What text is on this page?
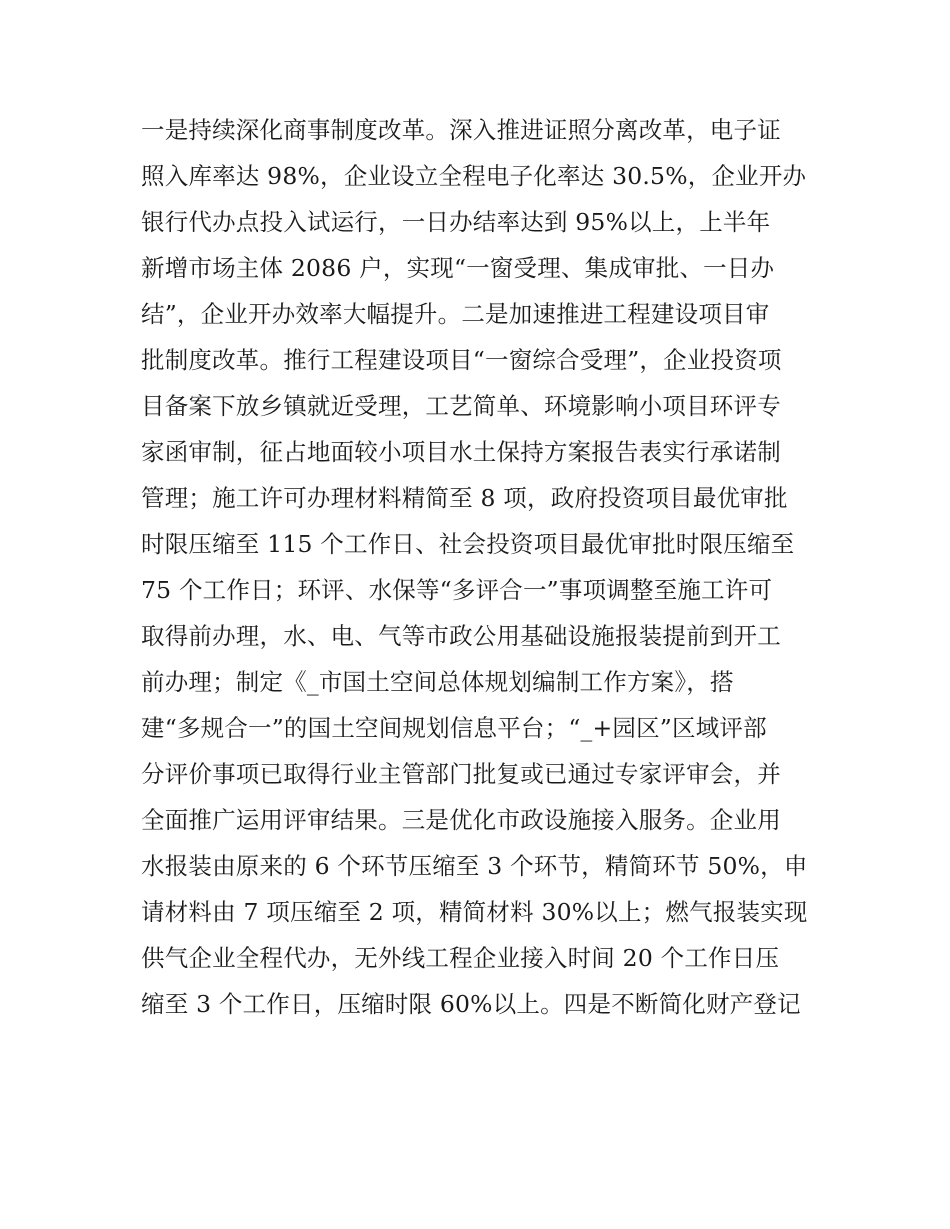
一是持续深化商事制度改革。深入推进证照分离改革，电子证
照入库率达 98%，企业设立全程电子化率达 30.5%，企业开办
银行代办点投入试运行，一日办结率达到 95%以上，上半年
新增市场主体 2086 户，实现“一窗受理、集成审批、一日办
结”，企业开办效率大幅提升。二是加速推进工程建设项目审
批制度改革。推行工程建设项目“一窗综合受理”，企业投资项
目备案下放乡镇就近受理，工艺简单、环境影响小项目环评专
家函审制，征占地面较小项目水土保持方案报告表实行承诺制
管理；施工许可办理材料精简至 8 项，政府投资项目最优审批
时限压缩至 115 个工作日、社会投资项目最优审批时限压缩至
75 个工作日；环评、水保等“多评合一”事项调整至施工许可
取得前办理，水、电、气等市政公用基础设施报装提前到开工
前办理；制定《_市国土空间总体规划编制工作方案》，搭
建“多规合一”的国土空间规划信息平台；“_+园区”区域评部
分评价事项已取得行业主管部门批复或已通过专家评审会，并
全面推广运用评审结果。三是优化市政设施接入服务。企业用
水报装由原来的 6 个环节压缩至 3 个环节，精简环节 50%，申
请材料由 7 项压缩至 2 项，精简材料 30%以上；燃气报装实现
供气企业全程代办，无外线工程企业接入时间 20 个工作日压
缩至 3 个工作日，压缩时限 60%以上。四是不断简化财产登记
